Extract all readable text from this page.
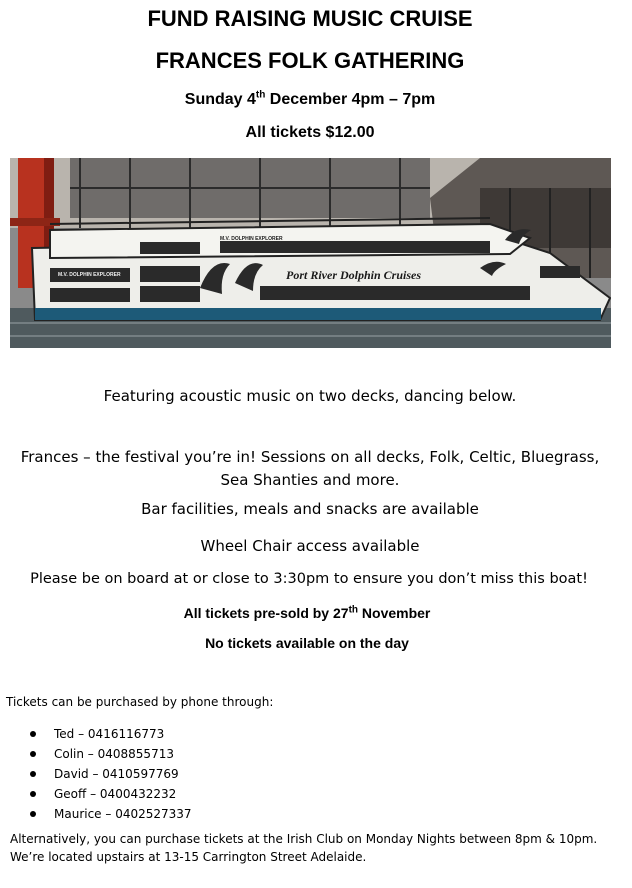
FUND RAISING MUSIC CRUISE
FRANCES FOLK GATHERING
Sunday 4th December 4pm – 7pm
All tickets $12.00
Port River Dolphin Cruises
M.V. DOLPHIN EXPLORER
M.V. DOLPHIN EXPLORER
Featuring acoustic music on two decks, dancing below.
Frances – the festival you’re in! Sessions on all decks, Folk, Celtic, Bluegrass, Sea Shanties and more.
Bar facilities, meals and snacks are available
Wheel Chair access available
Please be on board at or close to 3:30pm to ensure you don’t miss this boat!
All tickets pre-sold by 27th November
No tickets available on the day
Tickets can be purchased by phone through:
Ted – 0416116773
Colin – 0408855713
David – 0410597769
Geoff – 0400432232
Maurice – 0402527337
Alternatively, you can purchase tickets at the Irish Club on Monday Nights between 8pm & 10pm.
We’re located upstairs at 13-15 Carrington Street Adelaide.
